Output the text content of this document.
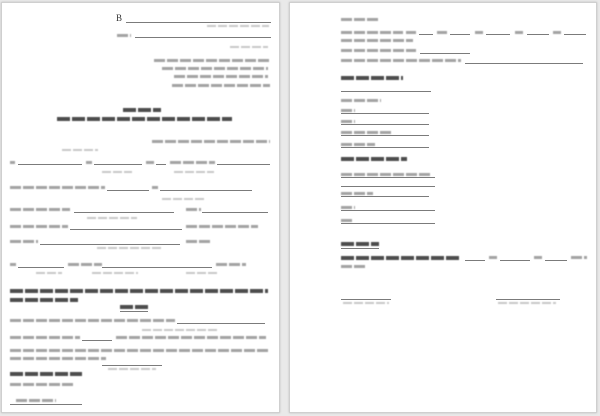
В
